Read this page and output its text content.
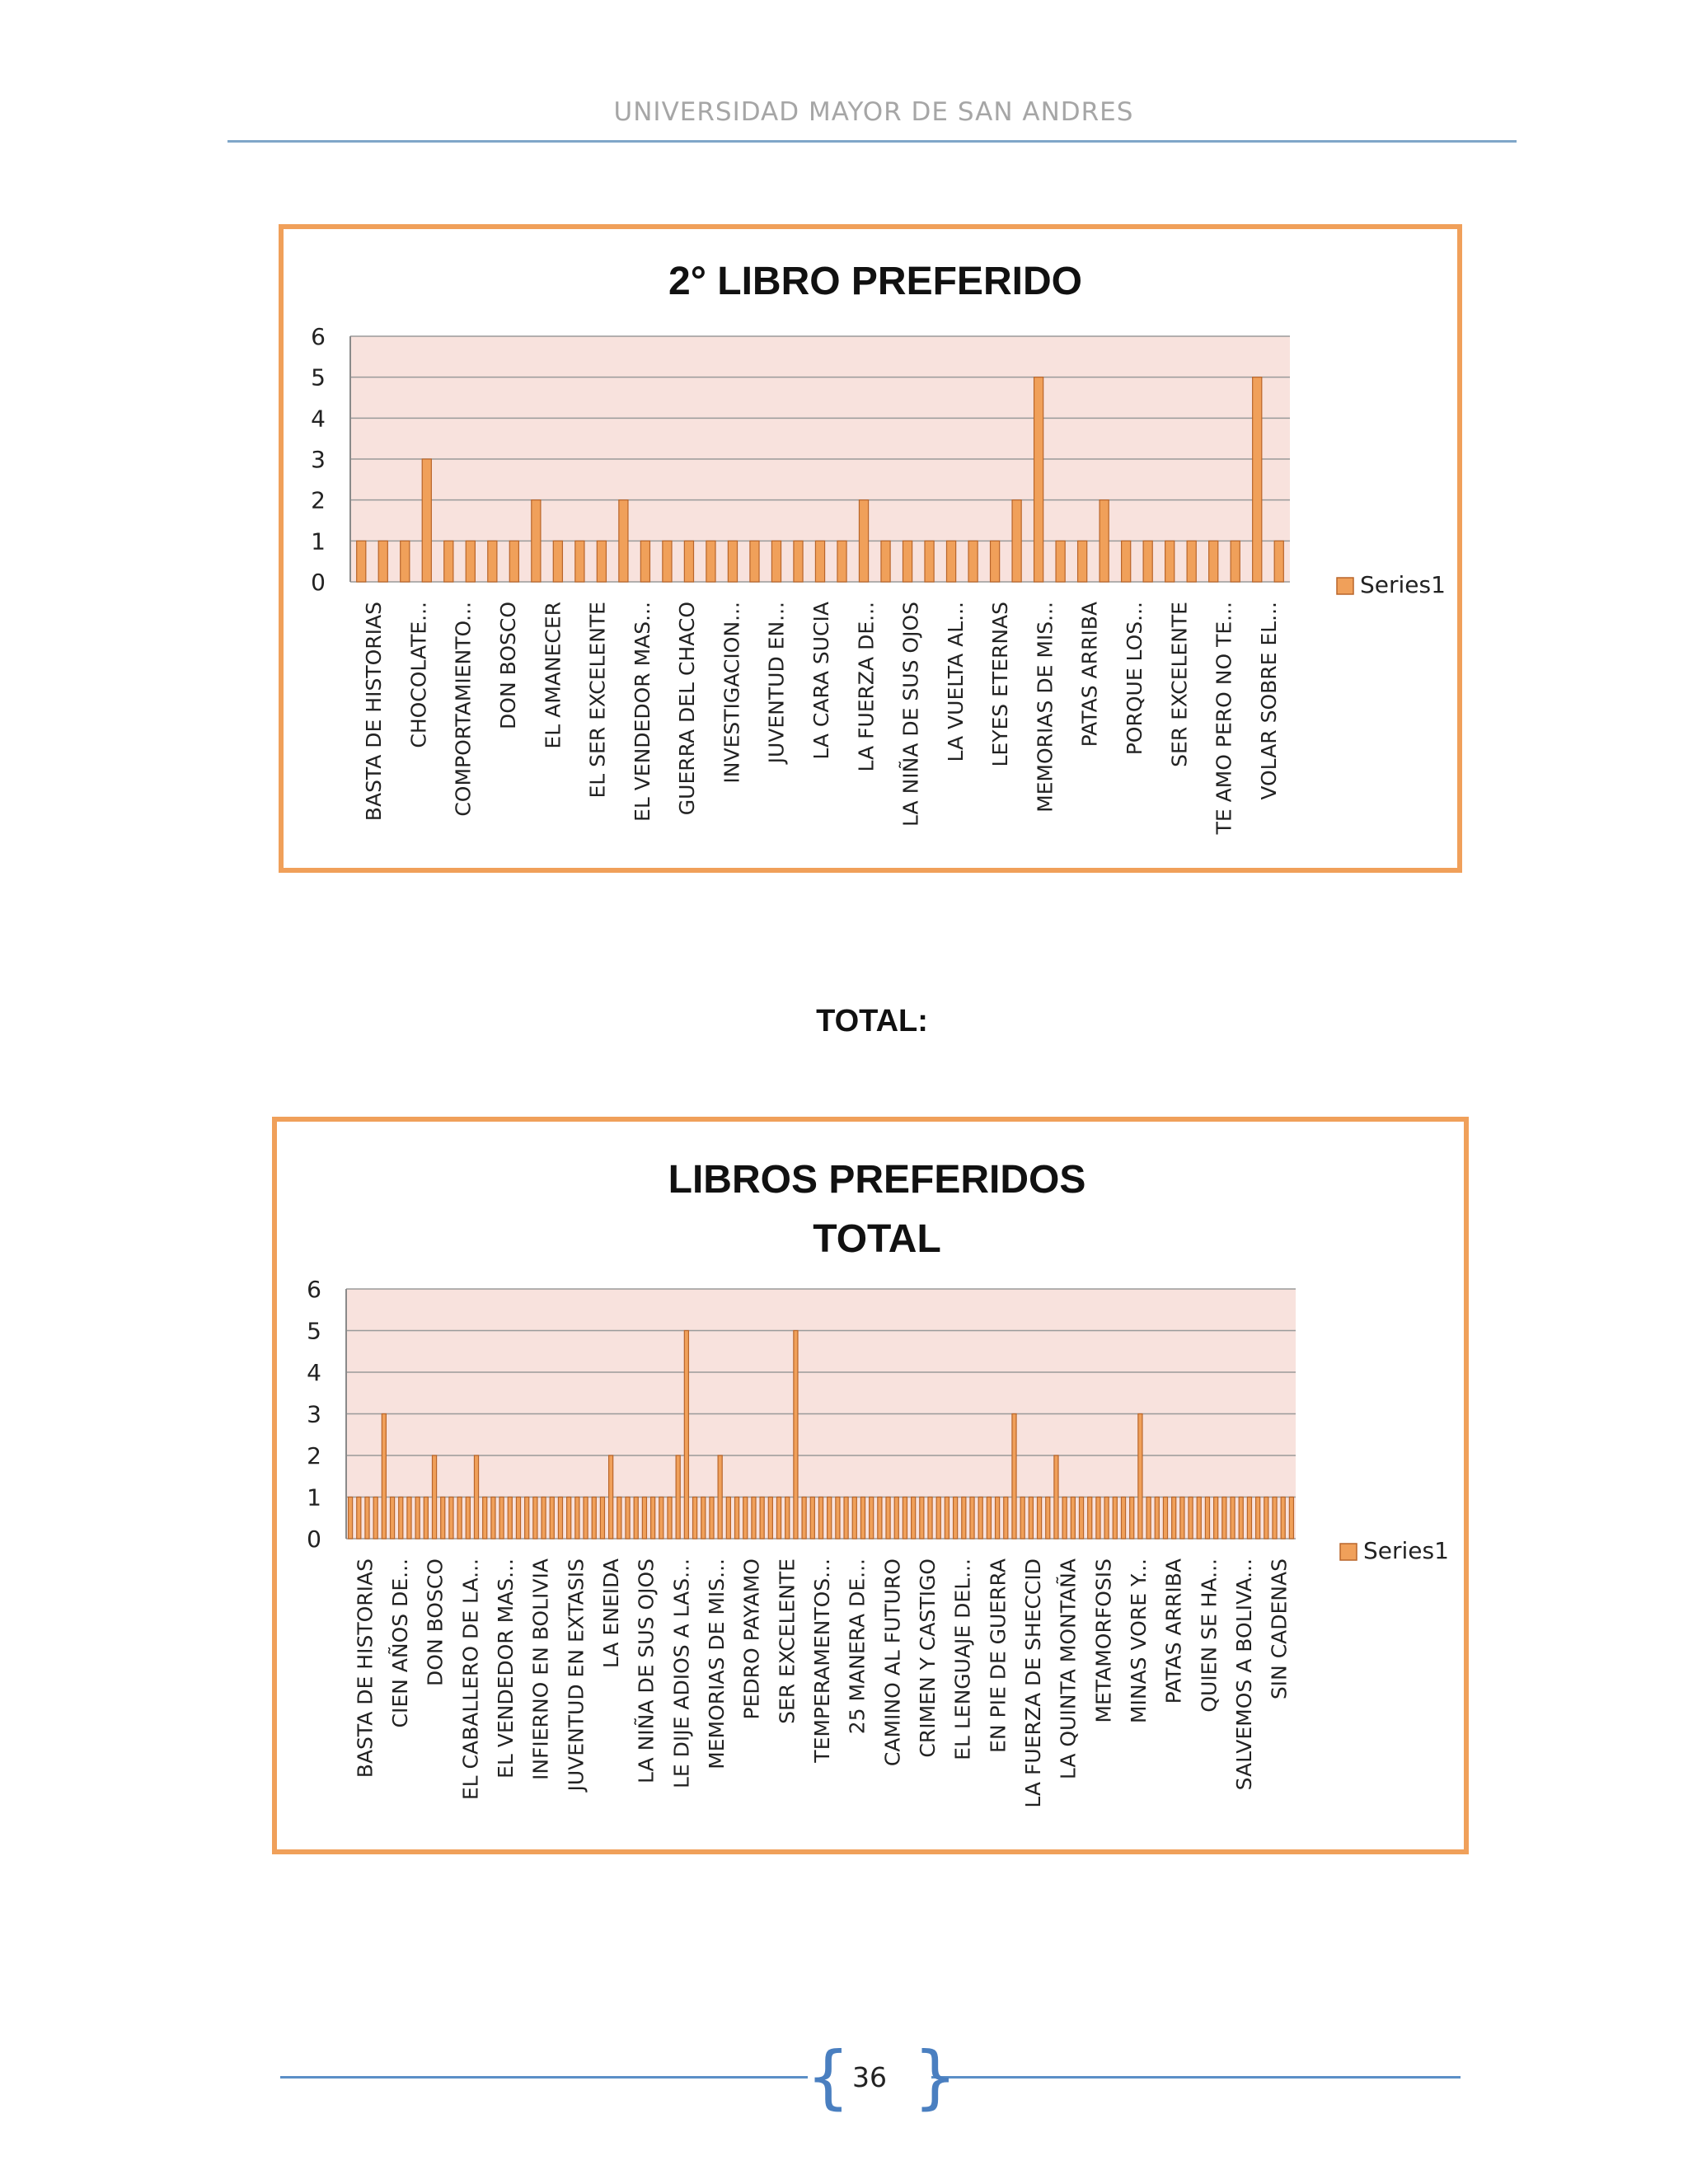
UNIVERSIDAD MAYOR DE SAN ANDRES
2° LIBRO PREFERIDO
0
1
2
3
4
5
6
BASTA DE HISTORIAS CHOCOLATE... COMPORTAMIENTO... DON BOSCO EL AMANECER EL SER EXCELENTE EL VENDEDOR MAS... GUERRA DEL CHACO INVESTIGACION... JUVENTUD EN... LA CARA SUCIA LA FUERZA DE... LA NIÑA DE SUS OJOS LA VUELTA AL... LEYES ETERNAS MEMORIAS DE MIS... PATAS ARRIBA PORQUE LOS... SER EXCELENTE TE AMO PERO NO TE... VOLAR SOBRE EL...
Series1
TOTAL:
LIBROS PREFERIDOS
TOTAL
0
1
2
3
4
5
6
BASTA DE HISTORIAS CIEN AÑOS DE... DON BOSCO EL CABALLERO DE LA... EL VENDEDOR MAS... INFIERNO EN BOLIVIA JUVENTUD EN EXTASIS LA ENEIDA LA NIÑA DE SUS OJOS LE DIJE ADIOS A LAS... MEMORIAS DE MIS... PEDRO PAYAMO SER EXCELENTE TEMPERAMENTOS... 25 MANERA DE... CAMINO AL FUTURO CRIMEN Y CASTIGO EL LENGUAJE DEL... EN PIE DE GUERRA LA FUERZA DE SHECCID LA QUINTA MONTAÑA METAMORFOSIS MINAS VORE Y... PATAS ARRIBA QUIEN SE HA... SALVEMOS A BOLIVA... SIN CADENAS
Series1
{ }
36
